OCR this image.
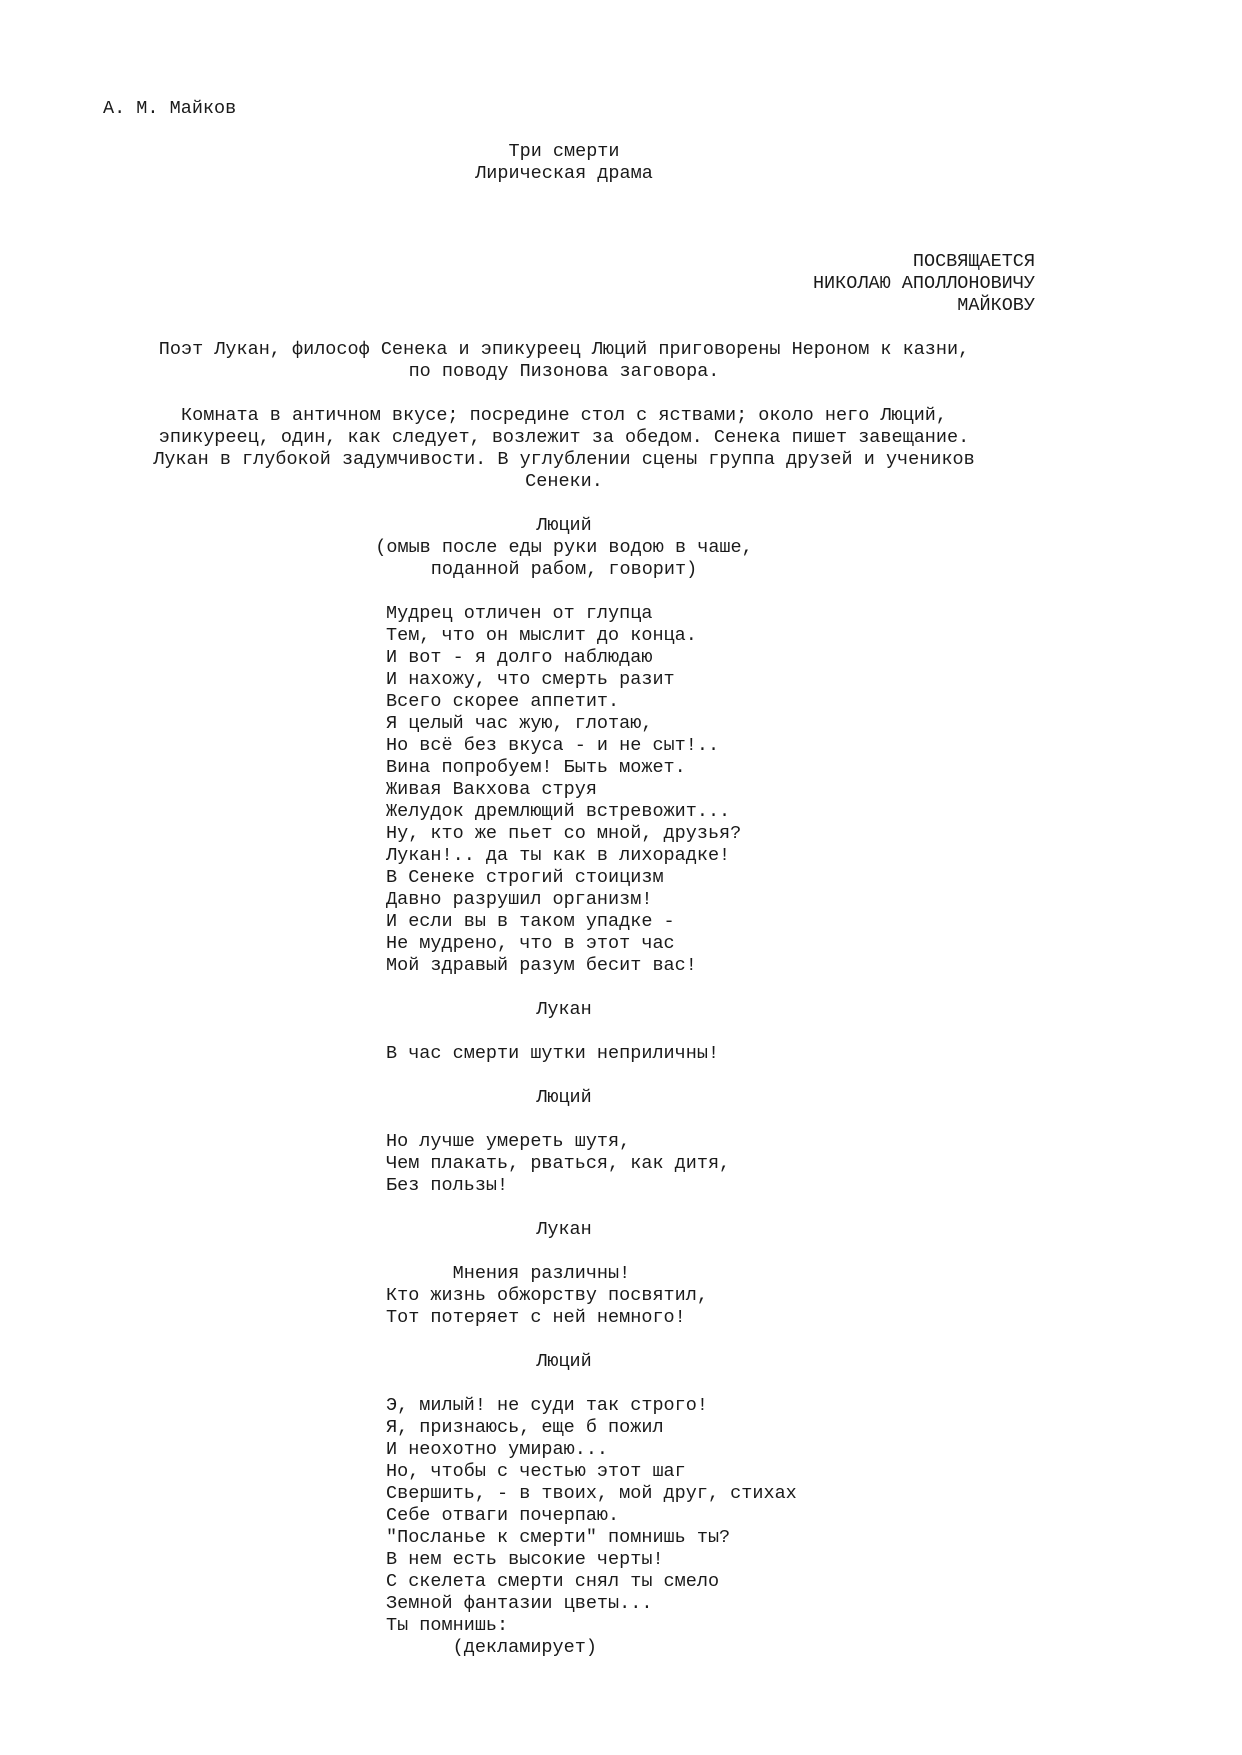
А. М. Майков

Три смерти

Лирическая драма

ПОСВЯЩАЕТСЯ

НИКОЛАЮ АПОЛЛОНОВИЧУ

МАЙКОВУ

Поэт Лукан, философ Сенека и эпикуреец Люций приговорены Нероном к казни,

по поводу Пизонова заговора.

Комната в античном вкусе; посредине стол с яствами; около него Люций,

эпикуреец, один, как следует, возлежит за обедом. Сенека пишет завещание.

Лукан в глубокой задумчивости. В углублении сцены группа друзей и учеников

Сенеки.

Люций

(омыв после еды руки водою в чаше,

поданной рабом, говорит)

Мудрец отличен от глупца

Тем, что он мыслит до конца.

И вот - я долго наблюдаю

И нахожу, что смерть разит

Всего скорее аппетит.

Я целый час жую, глотаю,

Но всё без вкуса - и не сыт!..

Вина попробуем! Быть может.

Живая Вакхова струя

Желудок дремлющий встревожит...

Ну, кто же пьет со мной, друзья?

Лукан!.. да ты как в лихорадке!

В Сенеке строгий стоицизм

Давно разрушил организм!

И если вы в таком упадке -

Не мудрено, что в этот час

Мой здравый разум бесит вас!

Лукан

В час смерти шутки неприличны!

Люций

Но лучше умереть шутя,

Чем плакать, рваться, как дитя,

Без пользы!

Лукан

Мнения различны!

Кто жизнь обжорству посвятил,

Тот потеряет с ней немного!

Люций

Э, милый! не суди так строго!

Я, признаюсь, еще б пожил

И неохотно умираю...

Но, чтобы с честью этот шаг

Свершить, - в твоих, мой друг, стихах

Себе отваги почерпаю.

"Посланье к смерти" помнишь ты?

В нем есть высокие черты!

С скелета смерти снял ты смело

Земной фантазии цветы...

Ты помнишь:

(декламирует)
